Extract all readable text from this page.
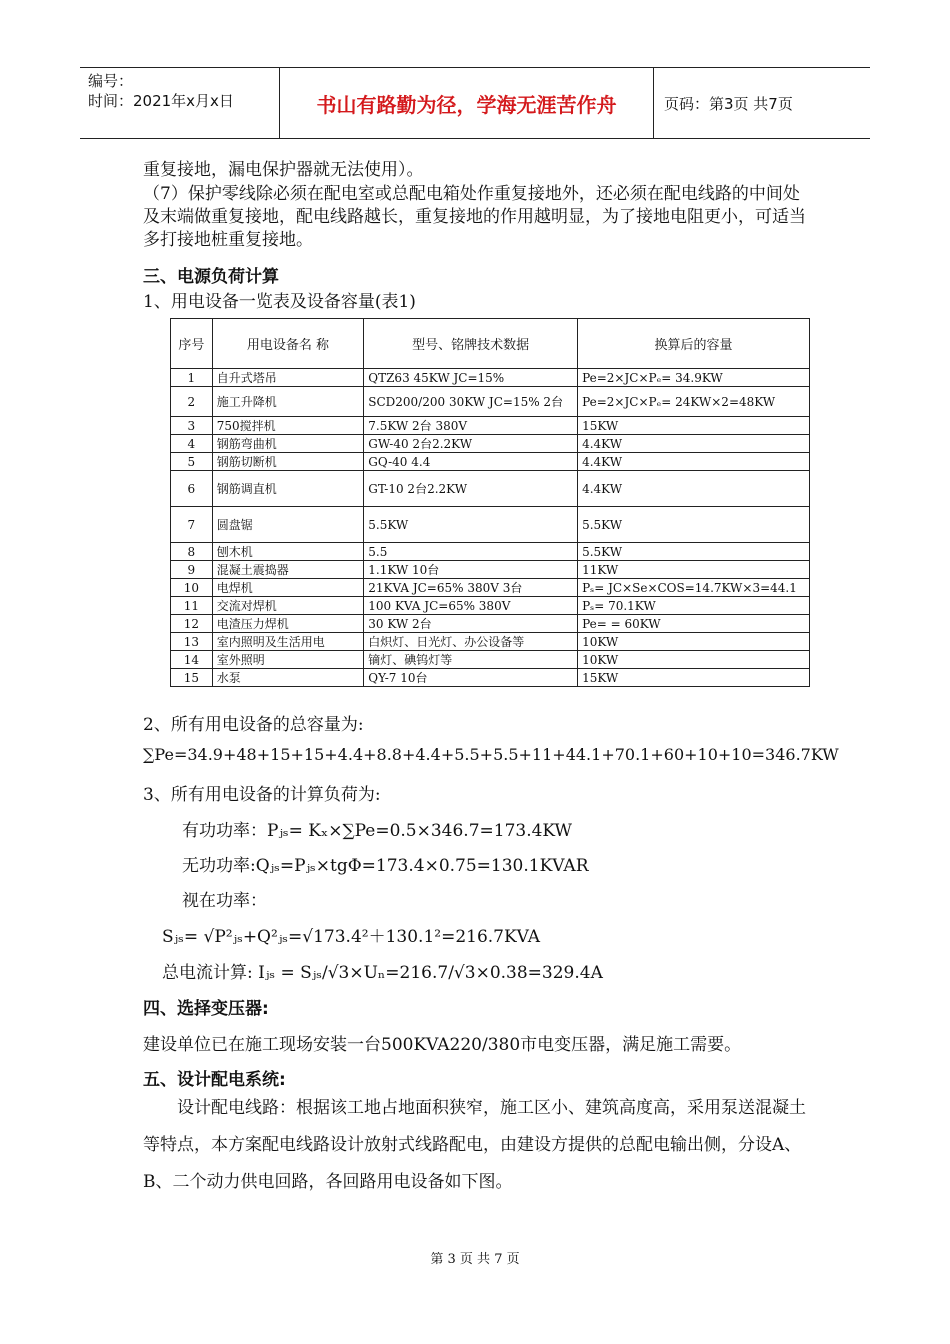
编号：
时间：2021年x月x日	书山有路勤为径，学海无涯苦作舟	页码：第3页 共7页
重复接地，漏电保护器就无法使用）。
（7）保护零线除必须在配电室或总配电箱处作重复接地外，还必须在配电线路的中间处及末端做重复接地，配电线路越长，重复接地的作用越明显，为了接地电阻更小，可适当多打接地桩重复接地。
三、电源负荷计算
1、用电设备一览表及设备容量(表1)
序号	用电设备名 称	型号、铭牌技术数据	换算后的容量
1	自升式塔吊	QTZ63 45KW JC=15%	Pe=2×JC×Pₑ= 34.9KW
2	施工升降机	SCD200/200 30KW JC=15% 2台	Pe=2×JC×Pₑ= 24KW×2=48KW
3	750搅拌机	7.5KW 2台 380V	15KW
4	钢筋弯曲机	GW-40 2台2.2KW	4.4KW
5	钢筋切断机	GQ-40 4.4	4.4KW
6	钢筋调直机	GT-10 2台2.2KW	4.4KW
7	圆盘锯	5.5KW	5.5KW
8	刨木机	5.5	5.5KW
9	混凝土震捣器	1.1KW 10台	11KW
10	电焊机	21KVA JC=65% 380V 3台	Pₛ= JC×Se×COS=14.7KW×3=44.1
11	交流对焊机	100 KVA JC=65% 380V	Pₛ= 70.1KW
12	电渣压力焊机	30 KW 2台	Pe= = 60KW
13	室内照明及生活用电	白炽灯、日光灯、办公设备等	10KW
14	室外照明	镝灯、碘钨灯等	10KW
15	水泵	QY-7 10台	15KW
2、所有用电设备的总容量为:
∑Pe=34.9+48+15+15+4.4+8.8+4.4+5.5+5.5+11+44.1+70.1+60+10+10=346.7KW
3、所有用电设备的计算负荷为:
有功功率：Pⱼₛ= Kₓ×∑Pe=0.5×346.7=173.4KW
无功功率:Qⱼₛ=Pⱼₛ×tgΦ=173.4×0.75=130.1KVAR
视在功率：
Sⱼₛ= √P²ⱼₛ+Q²ⱼₛ=√173.4²＋130.1²=216.7KVA
总电流计算: Iⱼₛ = Sⱼₛ/√3×Uₙ=216.7/√3×0.38=329.4A
四、选择变压器:
建设单位已在施工现场安装一台500KVA220/380市电变压器，满足施工需要。
五、设计配电系统:
设计配电线路：根据该工地占地面积狭窄，施工区小、建筑高度高，采用泵送混凝土等特点，本方案配电线路设计放射式线路配电，由建设方提供的总配电输出侧，分设A、B、二个动力供电回路，各回路用电设备如下图。
第 3 页 共 7 页
